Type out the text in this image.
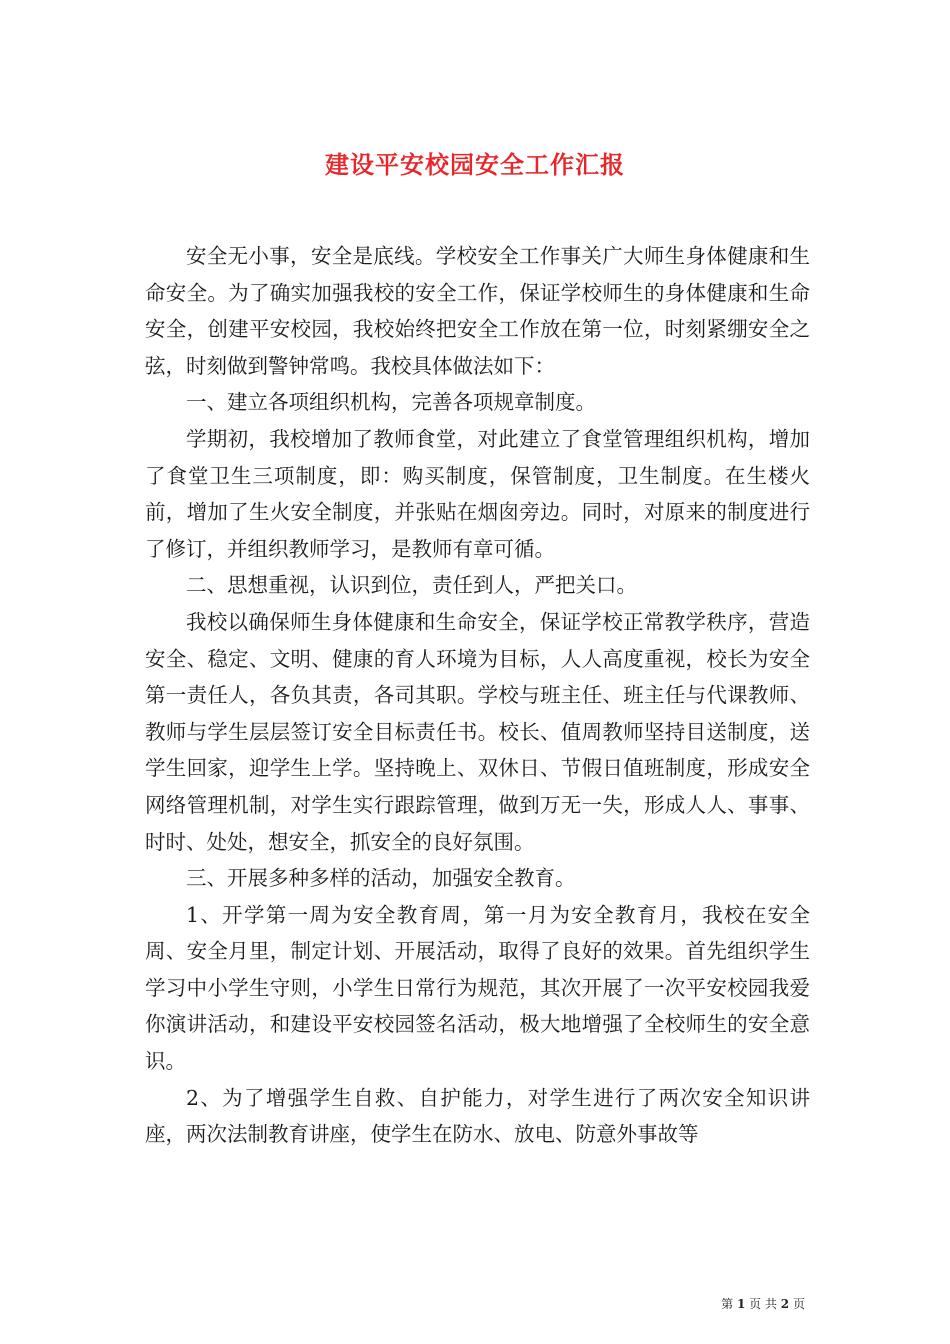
建设平安校园安全工作汇报

安全无小事，安全是底线。学校安全工作事关广大师生身体健康和生命安全。为了确实加强我校的安全工作，保证学校师生的身体健康和生命安全，创建平安校园，我校始终把安全工作放在第一位，时刻紧绷安全之弦，时刻做到警钟常鸣。我校具体做法如下：

一、建立各项组织机构，完善各项规章制度。

学期初，我校增加了教师食堂，对此建立了食堂管理组织机构，增加了食堂卫生三项制度，即：购买制度，保管制度，卫生制度。在生楼火前，增加了生火安全制度，并张贴在烟囱旁边。同时，对原来的制度进行了修订，并组织教师学习，是教师有章可循。

二、思想重视，认识到位，责任到人，严把关口。

我校以确保师生身体健康和生命安全，保证学校正常教学秩序，营造安全、稳定、文明、健康的育人环境为目标，人人高度重视，校长为安全第一责任人，各负其责，各司其职。学校与班主任、班主任与代课教师、教师与学生层层签订安全目标责任书。校长、值周教师坚持目送制度，送学生回家，迎学生上学。坚持晚上、双休日、节假日值班制度，形成安全网络管理机制，对学生实行跟踪管理，做到万无一失，形成人人、事事、时时、处处，想安全，抓安全的良好氛围。

三、开展多种多样的活动，加强安全教育。

1、开学第一周为安全教育周，第一月为安全教育月，我校在安全周、安全月里，制定计划、开展活动，取得了良好的效果。首先组织学生学习中小学生守则，小学生日常行为规范，其次开展了一次平安校园我爱你演讲活动，和建设平安校园签名活动，极大地增强了全校师生的安全意识。

2、为了增强学生自救、自护能力，对学生进行了两次安全知识讲座，两次法制教育讲座，使学生在防水、放电、防意外事故等

第 1 页 共 2 页
